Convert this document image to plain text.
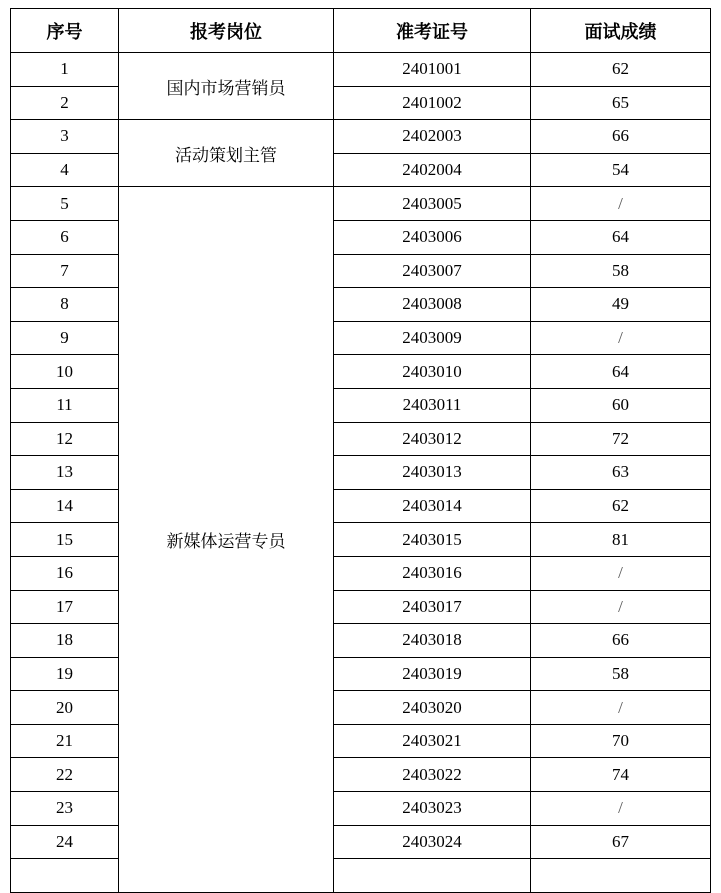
序号	报考岗位	准考证号	面试成绩
1	国内市场营销员	2401001	62
2		2401002	65
3	活动策划主管	2402003	66
4		2402004	54
5	新媒体运营专员	2403005	/
6		2403006	64
7		2403007	58
8		2403008	49
9		2403009	/
10		2403010	64
11		2403011	60
12		2403012	72
13		2403013	63
14		2403014	62
15		2403015	81
16		2403016	/
17		2403017	/
18		2403018	66
19		2403019	58
20		2403020	/
21		2403021	70
22		2403022	74
23		2403023	/
24		2403024	67
